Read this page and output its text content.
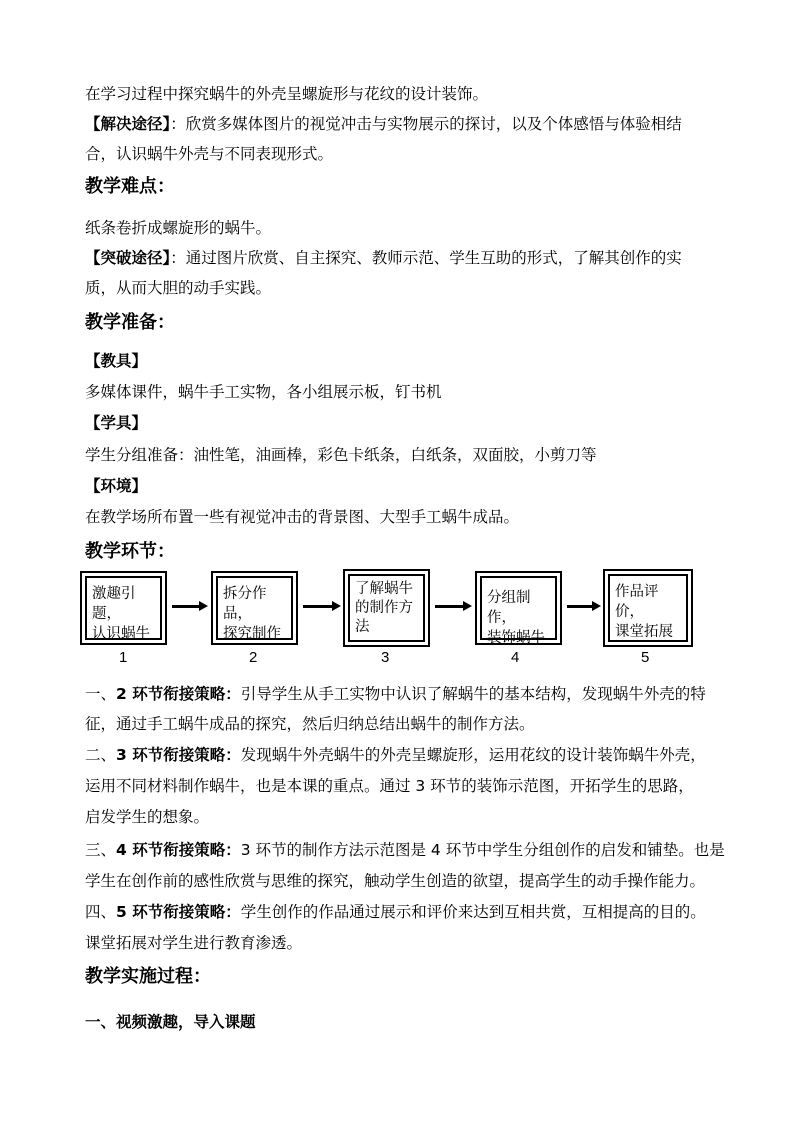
在学习过程中探究蜗牛的外壳呈螺旋形与花纹的设计装饰。
【解决途径】：欣赏多媒体图片的视觉冲击与实物展示的探讨，以及个体感悟与体验相结
合，认识蜗牛外壳与不同表现形式。
教学难点：
纸条卷折成螺旋形的蜗牛。
【突破途径】：通过图片欣赏、自主探究、教师示范、学生互助的形式，了解其创作的实
质，从而大胆的动手实践。
教学准备：
【教具】
多媒体课件，蜗牛手工实物，各小组展示板，钉书机
【学具】
学生分组准备：油性笔，油画棒，彩色卡纸条，白纸条，双面胶，小剪刀等
【环境】
在教学场所布置一些有视觉冲击的背景图、大型手工蜗牛成品。
教学环节：
激趣引题，
认识蜗牛
拆分作品，
探究制作
了解蜗牛
的制作方
法
分组制作，
装饰蜗牛
作品评价，
课堂拓展
1	2	3	4	5
一、2 环节衔接策略：引导学生从手工实物中认识了解蜗牛的基本结构，发现蜗牛外壳的特
征，通过手工蜗牛成品的探究，然后归纳总结出蜗牛的制作方法。
二、3 环节衔接策略：发现蜗牛外壳蜗牛的外壳呈螺旋形，运用花纹的设计装饰蜗牛外壳，
运用不同材料制作蜗牛，也是本课的重点。通过 3 环节的装饰示范图，开拓学生的思路，
启发学生的想象。
三、4 环节衔接策略：3 环节的制作方法示范图是 4 环节中学生分组创作的启发和铺垫。也是
学生在创作前的感性欣赏与思维的探究，触动学生创造的欲望，提高学生的动手操作能力。
四、5 环节衔接策略：学生创作的作品通过展示和评价来达到互相共赏，互相提高的目的。
课堂拓展对学生进行教育渗透。
教学实施过程：
一、视频激趣，导入课题
